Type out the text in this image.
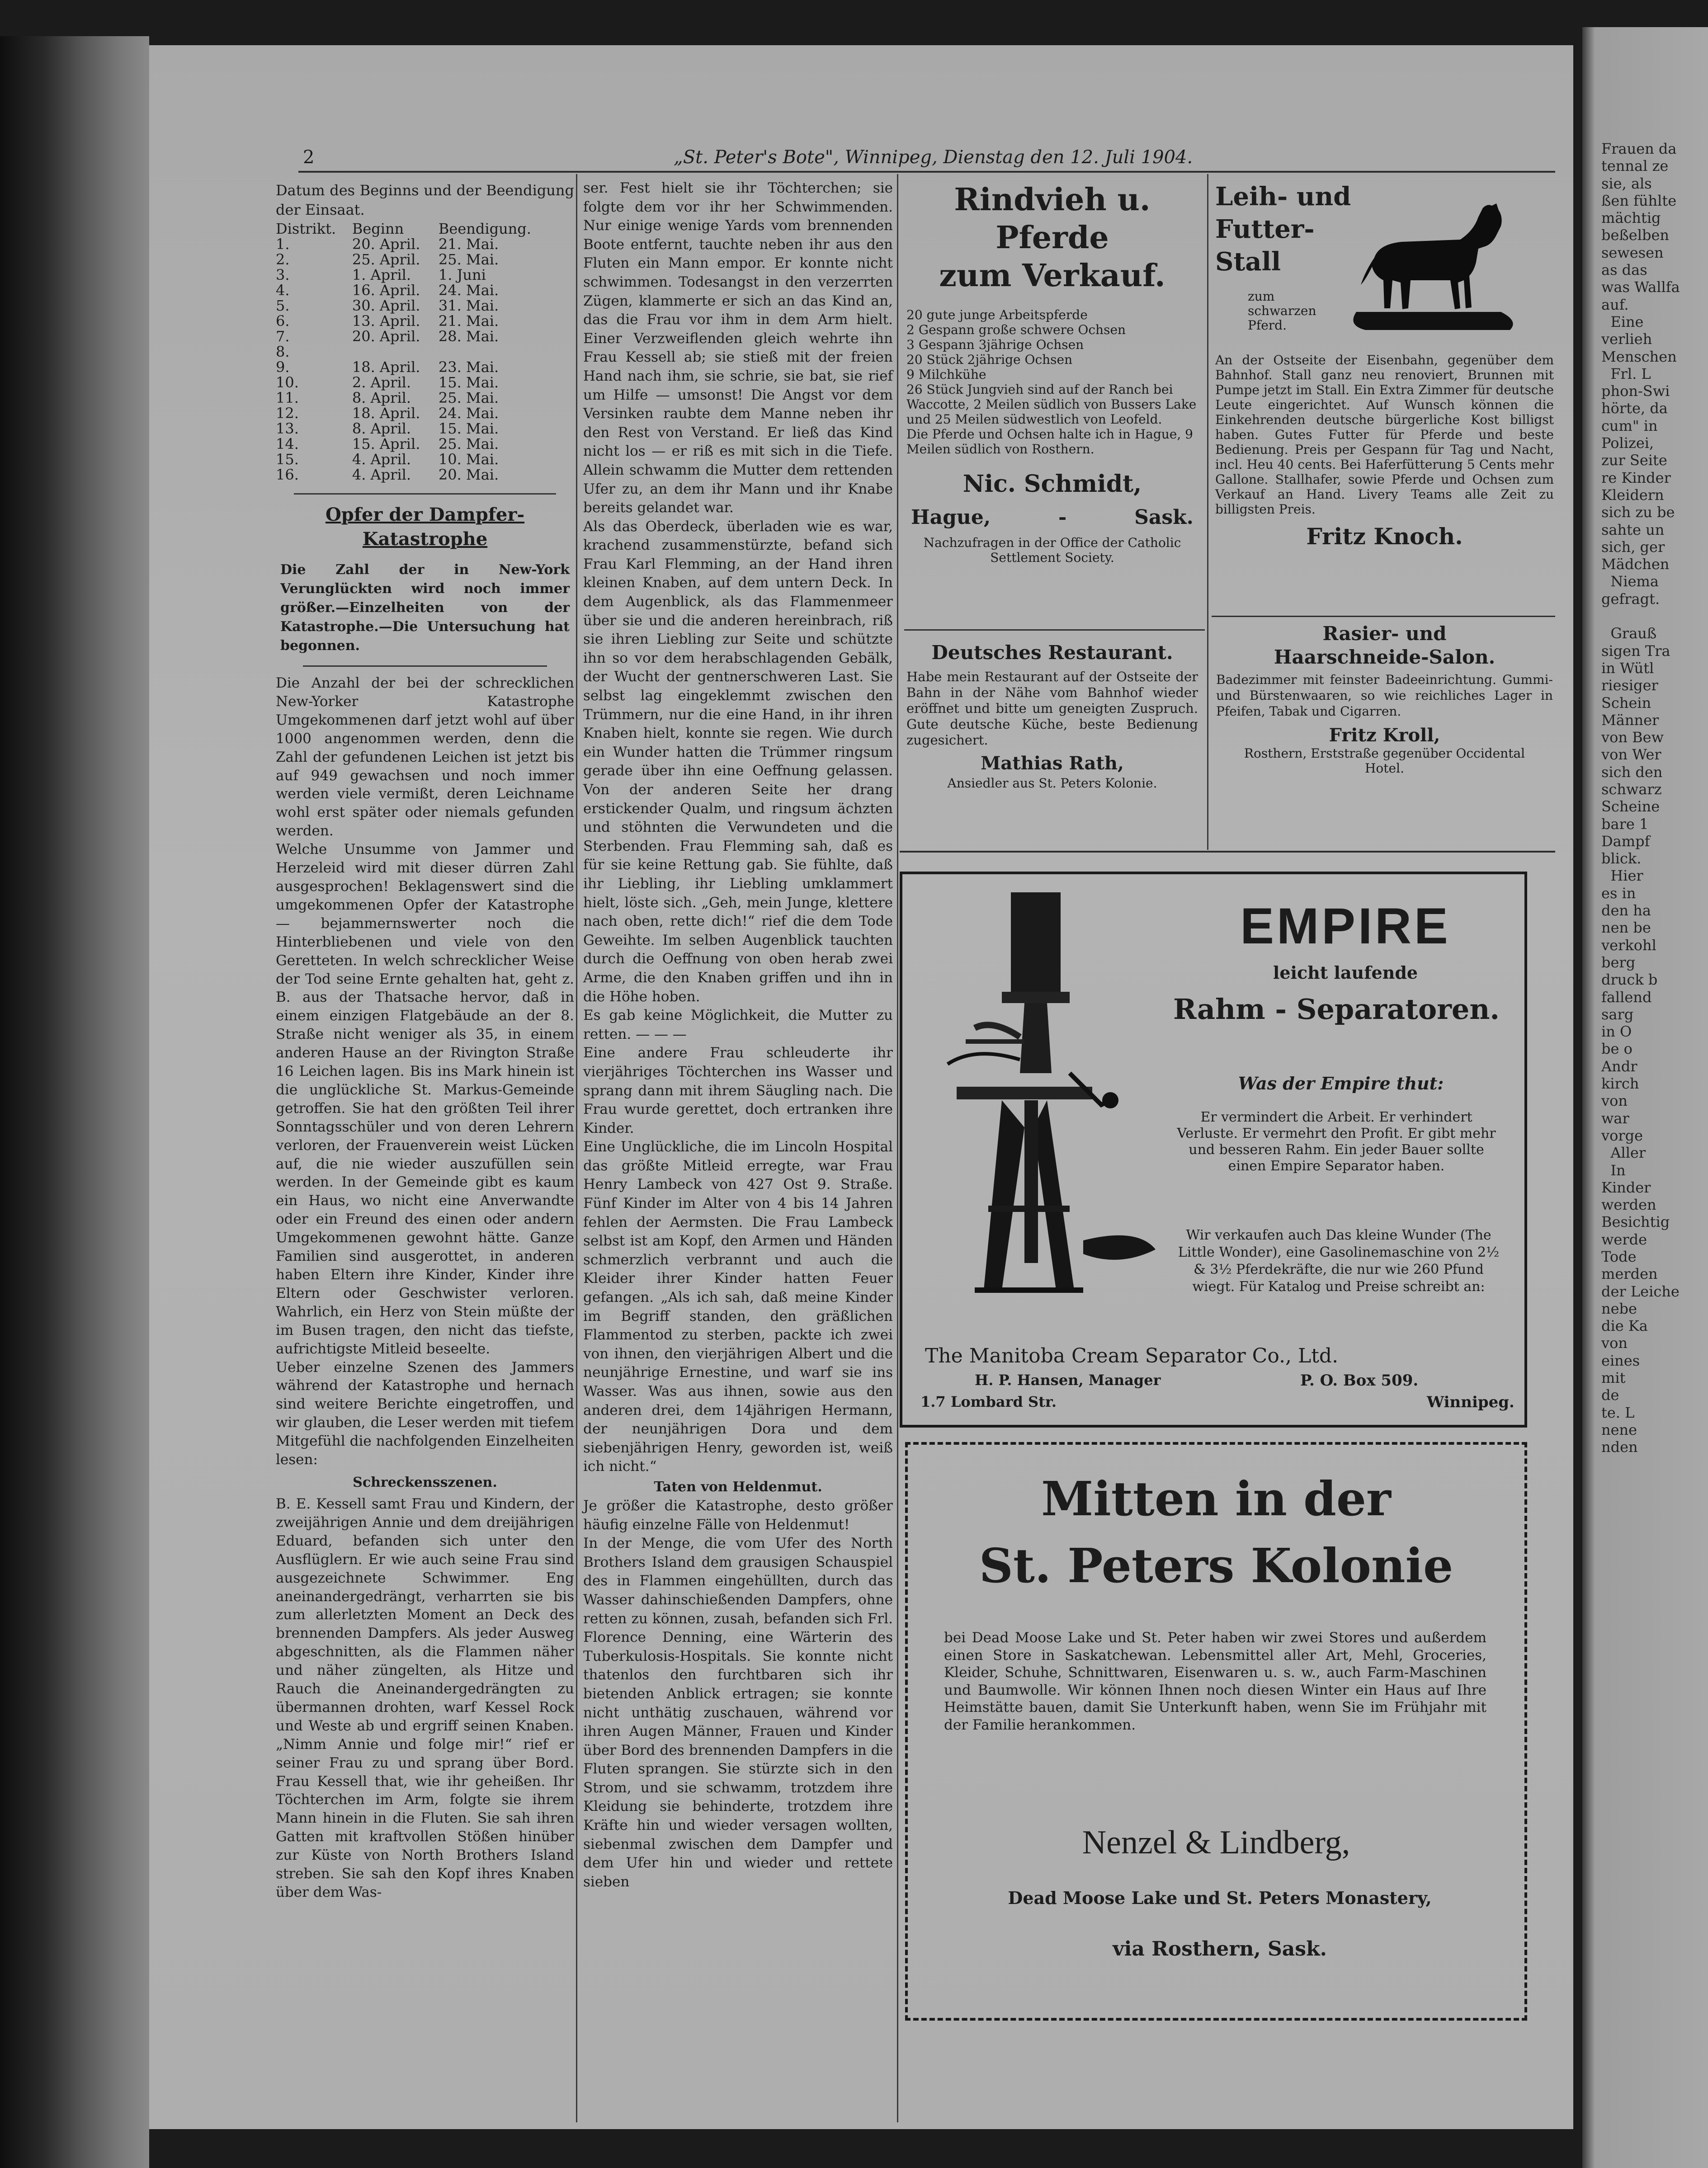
Frauen da
tennal ze
sie, als
ßen fühlte
mächtig
beßelben
sewesen
as das
was Wallfa
auf.
Eine
verlieh
Menschen
Frl. L
phon-Swi
hörte, da
cum" in
Polizei,
zur Seite
re Kinder
Kleidern
sich zu be
sahte un
sich, ger
Mädchen
Niema
gefragt.

Grauß
sigen Tra
in Wütl
riesiger
Schein
Männer
von Bew
von Wer
sich den
schwarz
Scheine
bare 1
Dampf
blick.
Hier
es in
den ha
nen be
verkohl
berg
druck b
fallend
sarg
in O
be o
Andr
kirch
von
war
vorge
Aller
In
Kinder
werden
Besichtig
werde
Tode
merden
der Leiche
nebe
die Ka
von
eines
mit
de
te. L
nene
nden
2	„St. Peter's Bote", Winnipeg, Dienstag den 12. Juli 1904.
Datum des Beginns und der Beendigung der Einsaat.
Distrikt.	Beginn	Beendigung.
1.	20. April.	21. Mai.
2.	25. April.	25. Mai.
3.	1. April.	1. Juni
4.	16. April.	24. Mai.
5.	30. April.	31. Mai.
6.	13. April.	21. Mai.
7.	20. April.	28. Mai.
8.		
9.	18. April.	23. Mai.
10.	2. April.	15. Mai.
11.	8. April.	25. Mai.
12.	18. April.	24. Mai.
13.	8. April.	15. Mai.
14.	15. April.	25. Mai.
15.	4. April.	10. Mai.
16.	4. April.	20. Mai.
Opfer der Dampfer-Katastrophe
Die Zahl der in New-York Verunglückten wird noch immer größer.—Einzelheiten von der Katastrophe.—Die Untersuchung hat begonnen.
Die Anzahl der bei der schrecklichen New-Yorker Katastrophe Umgekommenen darf jetzt wohl auf über 1000 angenommen werden, denn die Zahl der gefundenen Leichen ist jetzt bis auf 949 gewachsen und noch immer werden viele vermißt, deren Leichname wohl erst später oder niemals gefunden werden.
Welche Unsumme von Jammer und Herzeleid wird mit dieser dürren Zahl ausgesprochen! Beklagenswert sind die umgekommenen Opfer der Katastrophe — bejammernswerter noch die Hinterbliebenen und viele von den Geretteten. In welch schrecklicher Weise der Tod seine Ernte gehalten hat, geht z. B. aus der Thatsache hervor, daß in einem einzigen Flatgebäude an der 8. Straße nicht weniger als 35, in einem anderen Hause an der Rivington Straße 16 Leichen lagen. Bis ins Mark hinein ist die unglückliche St. Markus-Gemeinde getroffen. Sie hat den größten Teil ihrer Sonntagsschüler und von deren Lehrern verloren, der Frauenverein weist Lücken auf, die nie wieder auszufüllen sein werden. In der Gemeinde gibt es kaum ein Haus, wo nicht eine Anverwandte oder ein Freund des einen oder andern Umgekommenen gewohnt hätte. Ganze Familien sind ausgerottet, in anderen haben Eltern ihre Kinder, Kinder ihre Eltern oder Geschwister verloren. Wahrlich, ein Herz von Stein müßte der im Busen tragen, den nicht das tiefste, aufrichtigste Mitleid beseelte.
Ueber einzelne Szenen des Jammers während der Katastrophe und hernach sind weitere Berichte eingetroffen, und wir glauben, die Leser werden mit tiefem Mitgefühl die nachfolgenden Einzelheiten lesen:
Schreckensszenen.
B. E. Kessell samt Frau und Kindern, der zweijährigen Annie und dem dreijährigen Eduard, befanden sich unter den Ausflüglern. Er wie auch seine Frau sind ausgezeichnete Schwimmer. Eng aneinandergedrängt, verharrten sie bis zum allerletzten Moment an Deck des brennenden Dampfers. Als jeder Ausweg abgeschnitten, als die Flammen näher und näher züngelten, als Hitze und Rauch die Aneinandergedrängten zu übermannen drohten, warf Kessel Rock und Weste ab und ergriff seinen Knaben. „Nimm Annie und folge mir!“ rief er seiner Frau zu und sprang über Bord. Frau Kessell that, wie ihr geheißen. Ihr Töchterchen im Arm, folgte sie ihrem Mann hinein in die Fluten. Sie sah ihren Gatten mit kraftvollen Stößen hinüber zur Küste von North Brothers Island streben. Sie sah den Kopf ihres Knaben über dem Was-
ser. Fest hielt sie ihr Töchterchen; sie folgte dem vor ihr her Schwimmenden. Nur einige wenige Yards vom brennenden Boote entfernt, tauchte neben ihr aus den Fluten ein Mann empor. Er konnte nicht schwimmen. Todesangst in den verzerrten Zügen, klammerte er sich an das Kind an, das die Frau vor ihm in dem Arm hielt. Einer Verzweiflenden gleich wehrte ihn Frau Kessell ab; sie stieß mit der freien Hand nach ihm, sie schrie, sie bat, sie rief um Hilfe — umsonst! Die Angst vor dem Versinken raubte dem Manne neben ihr den Rest von Verstand. Er ließ das Kind nicht los — er riß es mit sich in die Tiefe. Allein schwamm die Mutter dem rettenden Ufer zu, an dem ihr Mann und ihr Knabe bereits gelandet war.
Als das Oberdeck, überladen wie es war, krachend zusammenstürzte, befand sich Frau Karl Flemming, an der Hand ihren kleinen Knaben, auf dem untern Deck. In dem Augenblick, als das Flammenmeer über sie und die anderen hereinbrach, riß sie ihren Liebling zur Seite und schützte ihn so vor dem herabschlagenden Gebälk, der Wucht der gentnerschweren Last. Sie selbst lag eingeklemmt zwischen den Trümmern, nur die eine Hand, in ihr ihren Knaben hielt, konnte sie regen. Wie durch ein Wunder hatten die Trümmer ringsum gerade über ihn eine Oeffnung gelassen. Von der anderen Seite her drang erstickender Qualm, und ringsum ächzten und stöhnten die Verwundeten und die Sterbenden. Frau Flemming sah, daß es für sie keine Rettung gab. Sie fühlte, daß ihr Liebling, ihr Liebling umklammert hielt, löste sich. „Geh, mein Junge, klettere nach oben, rette dich!“ rief die dem Tode Geweihte. Im selben Augenblick tauchten durch die Oeffnung von oben herab zwei Arme, die den Knaben griffen und ihn in die Höhe hoben.
Es gab keine Möglichkeit, die Mutter zu retten. — — —
Eine andere Frau schleuderte ihr vierjähriges Töchterchen ins Wasser und sprang dann mit ihrem Säugling nach. Die Frau wurde gerettet, doch ertranken ihre Kinder.
Eine Unglückliche, die im Lincoln Hospital das größte Mitleid erregte, war Frau Henry Lambeck von 427 Ost 9. Straße. Fünf Kinder im Alter von 4 bis 14 Jahren fehlen der Aermsten. Die Frau Lambeck selbst ist am Kopf, den Armen und Händen schmerzlich verbrannt und auch die Kleider ihrer Kinder hatten Feuer gefangen. „Als ich sah, daß meine Kinder im Begriff standen, den gräßlichen Flammentod zu sterben, packte ich zwei von ihnen, den vierjährigen Albert und die neunjährige Ernestine, und warf sie ins Wasser. Was aus ihnen, sowie aus den anderen drei, dem 14jährigen Hermann, der neunjährigen Dora und dem siebenjährigen Henry, geworden ist, weiß ich nicht.“
Taten von Heldenmut.
Je größer die Katastrophe, desto größer häufig einzelne Fälle von Heldenmut!
In der Menge, die vom Ufer des North Brothers Island dem grausigen Schauspiel des in Flammen eingehüllten, durch das Wasser dahinschießenden Dampfers, ohne retten zu können, zusah, befanden sich Frl. Florence Denning, eine Wärterin des Tuberkulosis-Hospitals. Sie konnte nicht thatenlos den furchtbaren sich ihr bietenden Anblick ertragen; sie konnte nicht unthätig zuschauen, während vor ihren Augen Männer, Frauen und Kinder über Bord des brennenden Dampfers in die Fluten sprangen. Sie stürzte sich in den Strom, und sie schwamm, trotzdem ihre Kleidung sie behinderte, trotzdem ihre Kräfte hin und wieder versagen wollten, siebenmal zwischen dem Dampfer und dem Ufer hin und wieder und rettete sieben
Rindvieh u. Pferde
zum Verkauf.
20 gute junge Arbeitspferde
2 Gespann große schwere Ochsen
3 Gespann 3jährige Ochsen
20 Stück 2jährige Ochsen
9 Milchkühe
26 Stück Jungvieh sind auf der Ranch bei Waccotte, 2 Meilen südlich von Bussers Lake und 25 Meilen südwestlich von Leofeld.
Die Pferde und Ochsen halte ich in Hague, 9 Meilen südlich von Rosthern.
Nic. Schmidt,
Hague,	-	Sask.
Nachzufragen in der Office der Catholic Settlement Society.
Deutsches Restaurant.
Habe mein Restaurant auf der Ostseite der Bahn in der Nähe vom Bahnhof wieder eröffnet und bitte um geneigten Zuspruch. Gute deutsche Küche, beste Bedienung zugesichert.
Mathias Rath,
Ansiedler aus St. Peters Kolonie.
Leih- und
Futter-
Stall
zum schwarzen Pferd.
An der Ostseite der Eisenbahn, gegenüber dem Bahnhof. Stall ganz neu renoviert, Brunnen mit Pumpe jetzt im Stall. Ein Extra Zimmer für deutsche Leute eingerichtet. Auf Wunsch können die Einkehrenden deutsche bürgerliche Kost billigst haben. Gutes Futter für Pferde und beste Bedienung. Preis per Gespann für Tag und Nacht, incl. Heu 40 cents. Bei Haferfütterung 5 Cents mehr Gallone. Stallhafer, sowie Pferde und Ochsen zum Verkauf an Hand. Livery Teams alle Zeit zu billigsten Preis.
Fritz Knoch.
Rasier- und
Haarschneide-Salon.
Badezimmer mit feinster Badeeinrichtung. Gummi- und Bürstenwaaren, so wie reichliches Lager in Pfeifen, Tabak und Cigarren.
Fritz Kroll,
Rosthern, Erststraße gegenüber Occidental Hotel.
EMPIRE
leicht laufende
Rahm - Separatoren.
Was der Empire thut:
Er vermindert die Arbeit. Er verhindert Verluste. Er vermehrt den Profit. Er gibt mehr und besseren Rahm. Ein jeder Bauer sollte einen Empire Separator haben.
Wir verkaufen auch Das kleine Wunder (The Little Wonder), eine Gasolinemaschine von 2½ & 3½ Pferdekräfte, die nur wie 260 Pfund wiegt. Für Katalog und Preise schreibt an:
The Manitoba Cream Separator Co., Ltd.
H. P. Hansen, Manager	P. O. Box 509.
1.7 Lombard Str.	Winnipeg.
Mitten in der
St. Peters Kolonie
bei Dead Moose Lake und St. Peter haben wir zwei Stores und außerdem einen Store in Saskatchewan. Lebensmittel aller Art, Mehl, Groceries, Kleider, Schuhe, Schnittwaren, Eisenwaren u. s. w., auch Farm-Maschinen und Baumwolle. Wir können Ihnen noch diesen Winter ein Haus auf Ihre Heimstätte bauen, damit Sie Unterkunft haben, wenn Sie im Frühjahr mit der Familie herankommen.
Nenzel & Lindberg,
Dead Moose Lake und St. Peters Monastery,
via Rosthern, Sask.
